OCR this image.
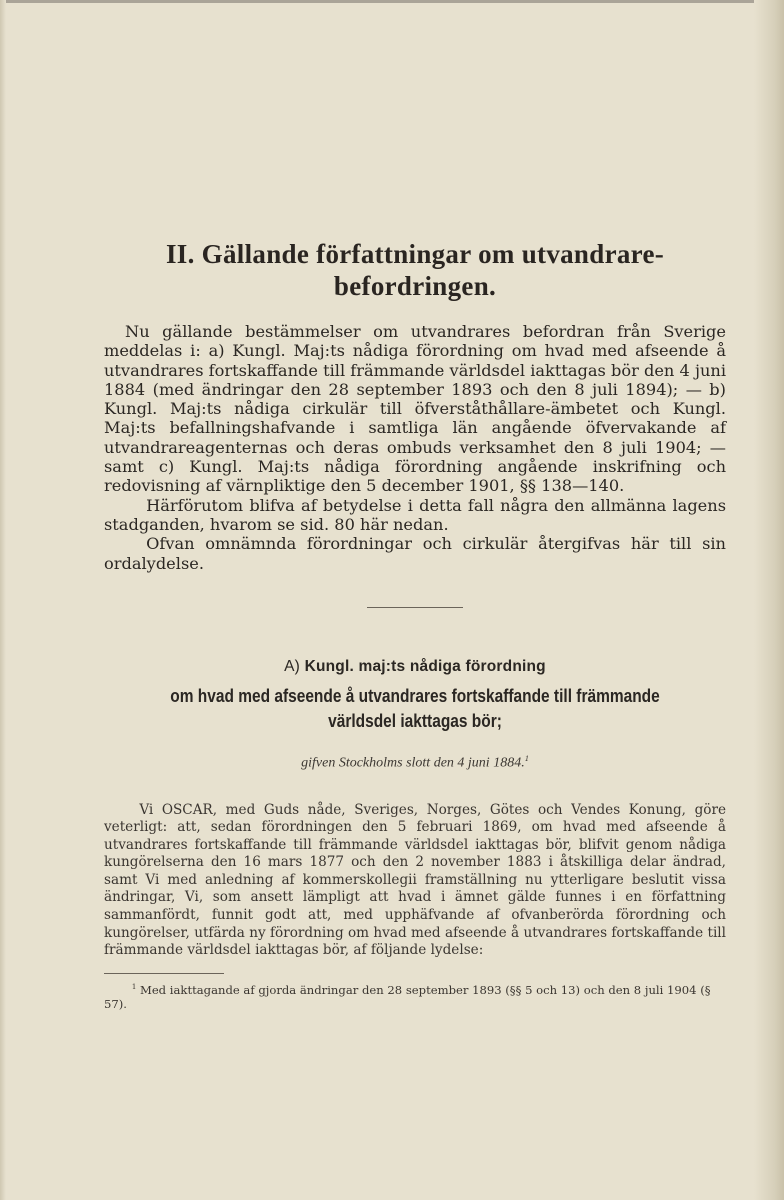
II. Gällande författningar om utvandrare-befordringen.

Nu gällande bestämmelser om utvandrares befordran från Sverige meddelas i: a) Kungl. Maj:ts nådiga förordning om hvad med afseende å utvandrares fortskaffande till främmande världsdel iakttagas bör den 4 juni 1884 (med ändringar den 28 september 1893 och den 8 juli 1894); — b) Kungl. Maj:ts nådiga cirkulär till öfverståthållare-ämbetet och Kungl. Maj:ts befallningshafvande i samtliga län angående öfvervakande af utvandrareagenternas och deras ombuds verksamhet den 8 juli 1904; — samt c) Kungl. Maj:ts nådiga förordning angående inskrifning och redovisning af värnpliktige den 5 december 1901, §§ 138—140.

Härförutom blifva af betydelse i detta fall några den allmänna lagens stadganden, hvarom se sid. 80 här nedan.

Ofvan omnämnda förordningar och cirkulär återgifvas här till sin ordalydelse.

A) Kungl. maj:ts nådiga förordning
om hvad med afseende å utvandrares fortskaffande till främmande världsdel iakttagas bör;
gifven Stockholms slott den 4 juni 1884.$^1$

Vi OSCAR, med Guds nåde, Sveriges, Norges, Götes och Vendes Konung, göre veterligt: att, sedan förordningen den 5 februari 1869, om hvad med afseende å utvandrares fortskaffande till främmande världsdel iakttagas bör, blifvit genom nådiga kungörelserna den 16 mars 1877 och den 2 november 1883 i åtskilliga delar ändrad, samt Vi med anledning af kommerskollegii framställning nu ytterligare beslutit vissa ändringar, Vi, som ansett lämpligt att hvad i ämnet gälde funnes i en författning sammanfördt, funnit godt att, med upphäfvande af ofvanberörda förordning och kungörelser, utfärda ny förordning om hvad med afseende å utvandrares fortskaffande till främmande världsdel iakttagas bör, af följande lydelse:

$^1$ Med iakttagande af gjorda ändringar den 28 september 1893 (§§ 5 och 13) och den 8 juli 1904 (§ 57).
